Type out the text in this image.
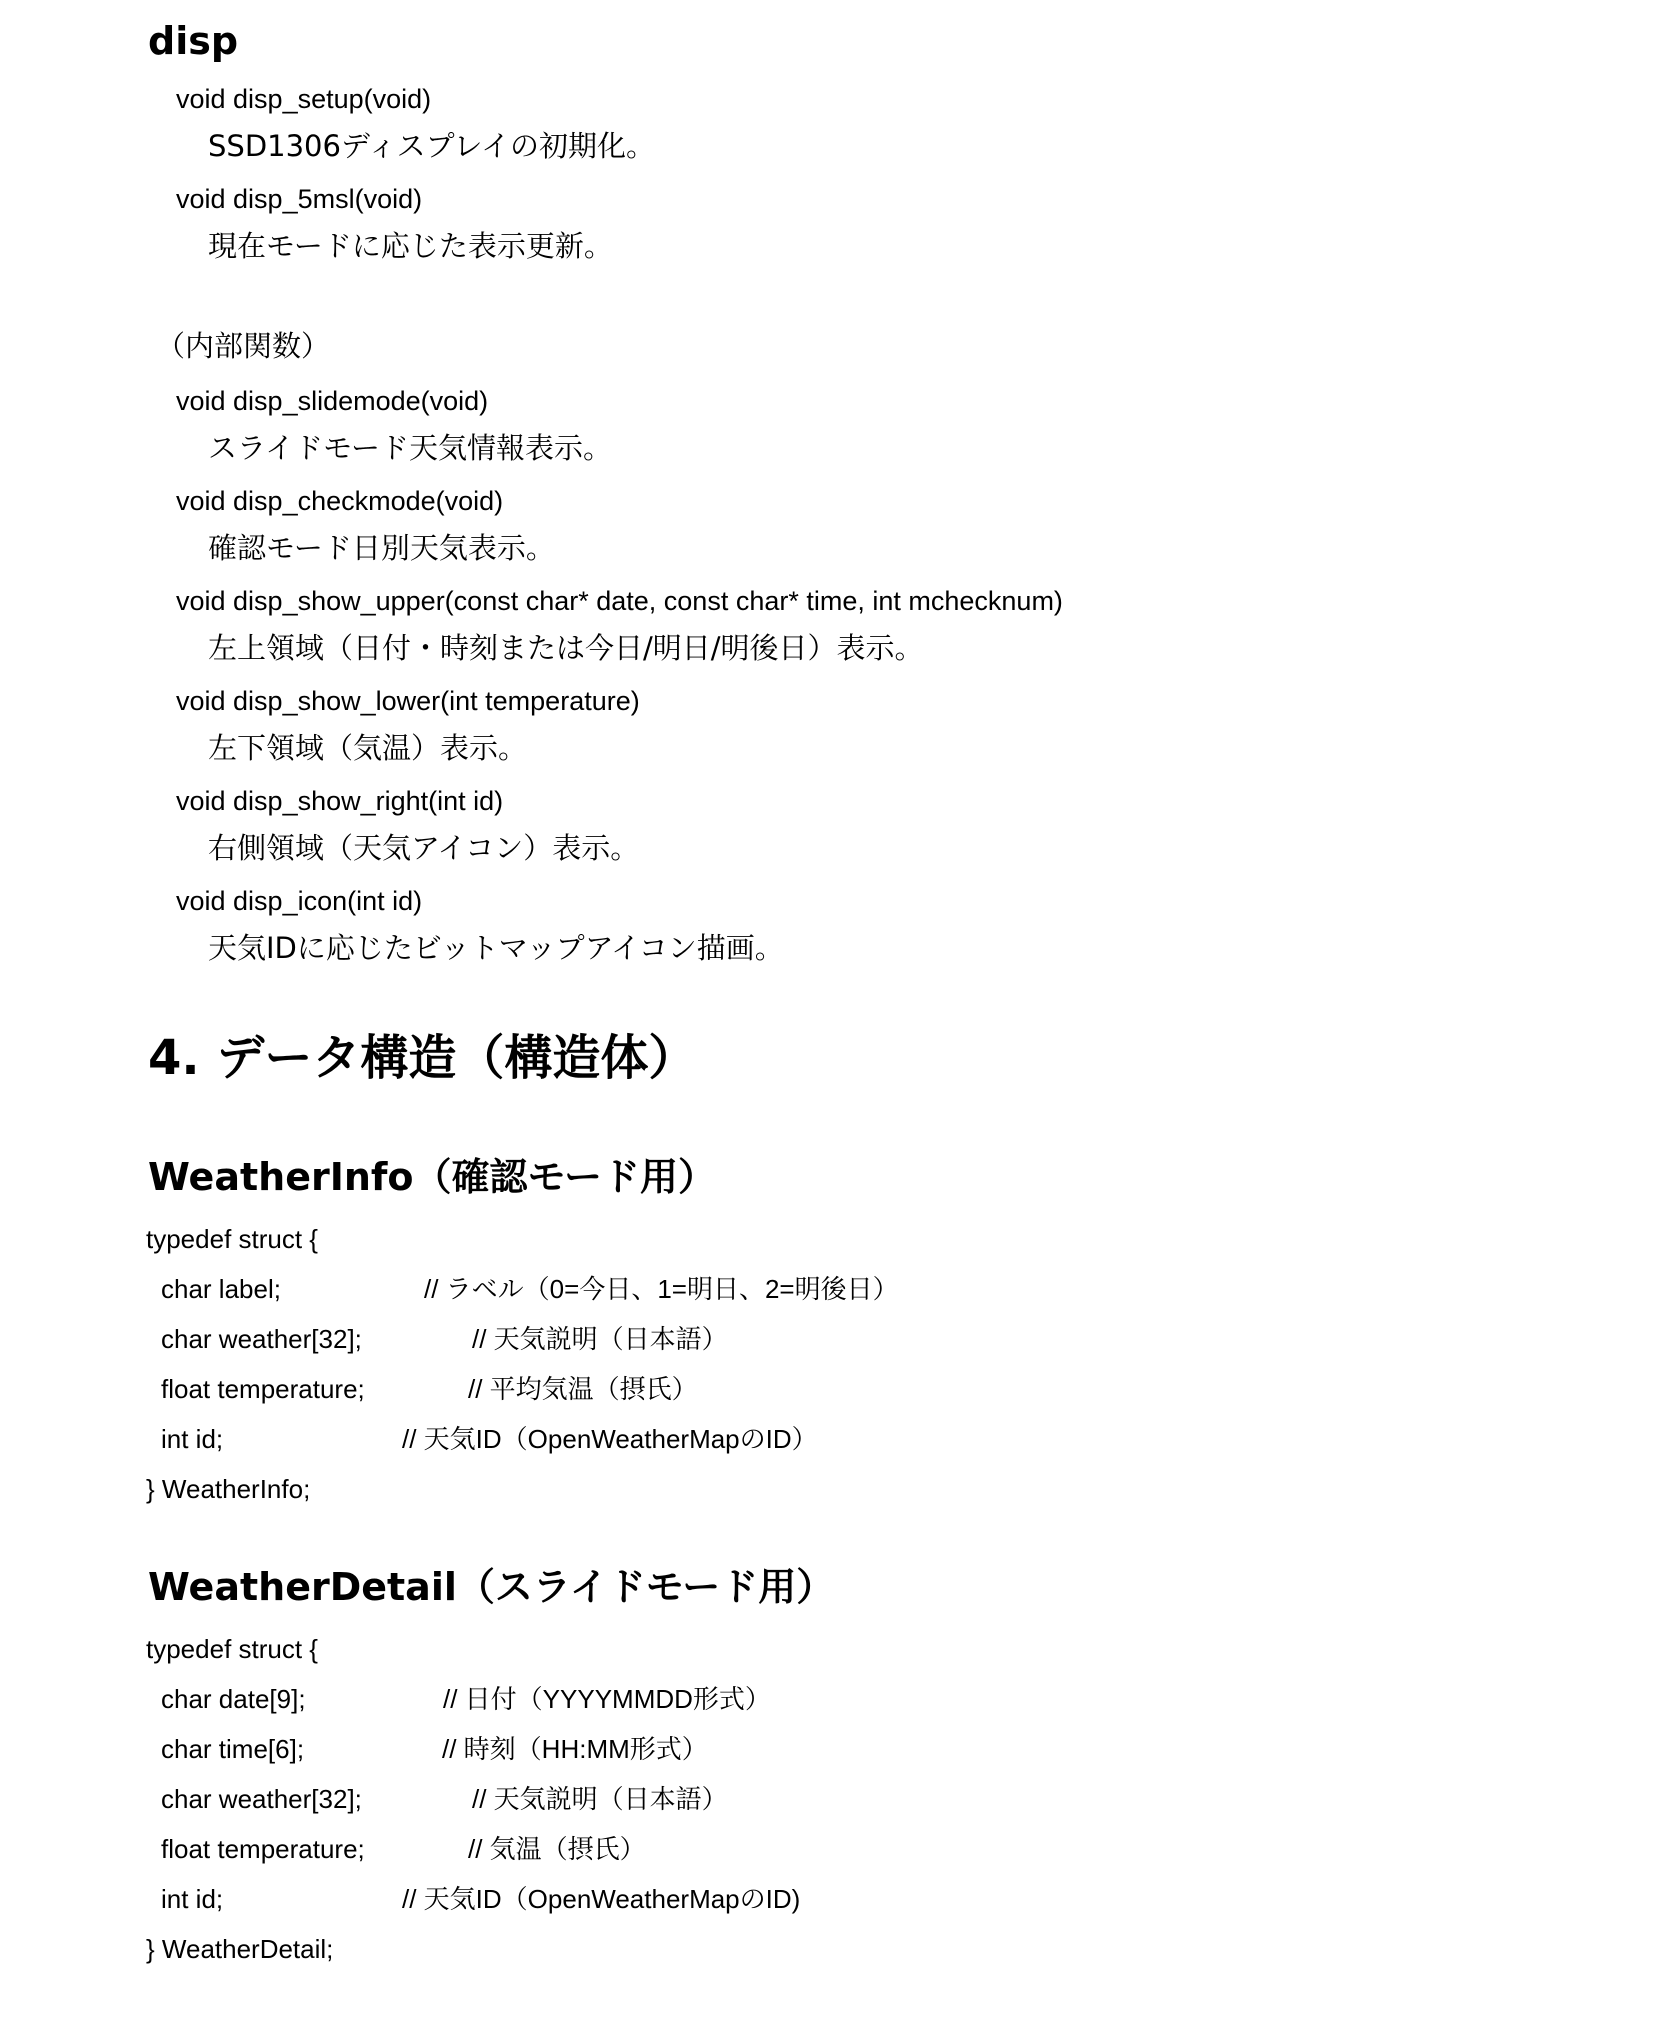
disp
void disp_setup(void)
SSD1306ディスプレイの初期化。
void disp_5msl(void)
現在モードに応じた表示更新。
（内部関数）
void disp_slidemode(void)
スライドモード天気情報表示。
void disp_checkmode(void)
確認モード日別天気表示。
void disp_show_upper(const char* date, const char* time, int mchecknum)
左上領域（日付・時刻または今日/明日/明後日）表示。
void disp_show_lower(int temperature)
左下領域（気温）表示。
void disp_show_right(int id)
右側領域（天気アイコン）表示。
void disp_icon(int id)
天気IDに応じたビットマップアイコン描画。
4. データ構造（構造体）
WeatherInfo（確認モード用）
typedef struct {
char label;	// ラベル（0=今日、1=明日、2=明後日）
char weather[32];	// 天気説明（日本語）
float temperature;	// 平均気温（摂氏）
int id;	// 天気ID（OpenWeatherMapのID）
} WeatherInfo;
WeatherDetail（スライドモード用）
typedef struct {
char date[9];	// 日付（YYYYMMDD形式）
char time[6];	// 時刻（HH:MM形式）
char weather[32];	// 天気説明（日本語）
float temperature;	// 気温（摂氏）
int id;	// 天気ID（OpenWeatherMapのID)
} WeatherDetail;
